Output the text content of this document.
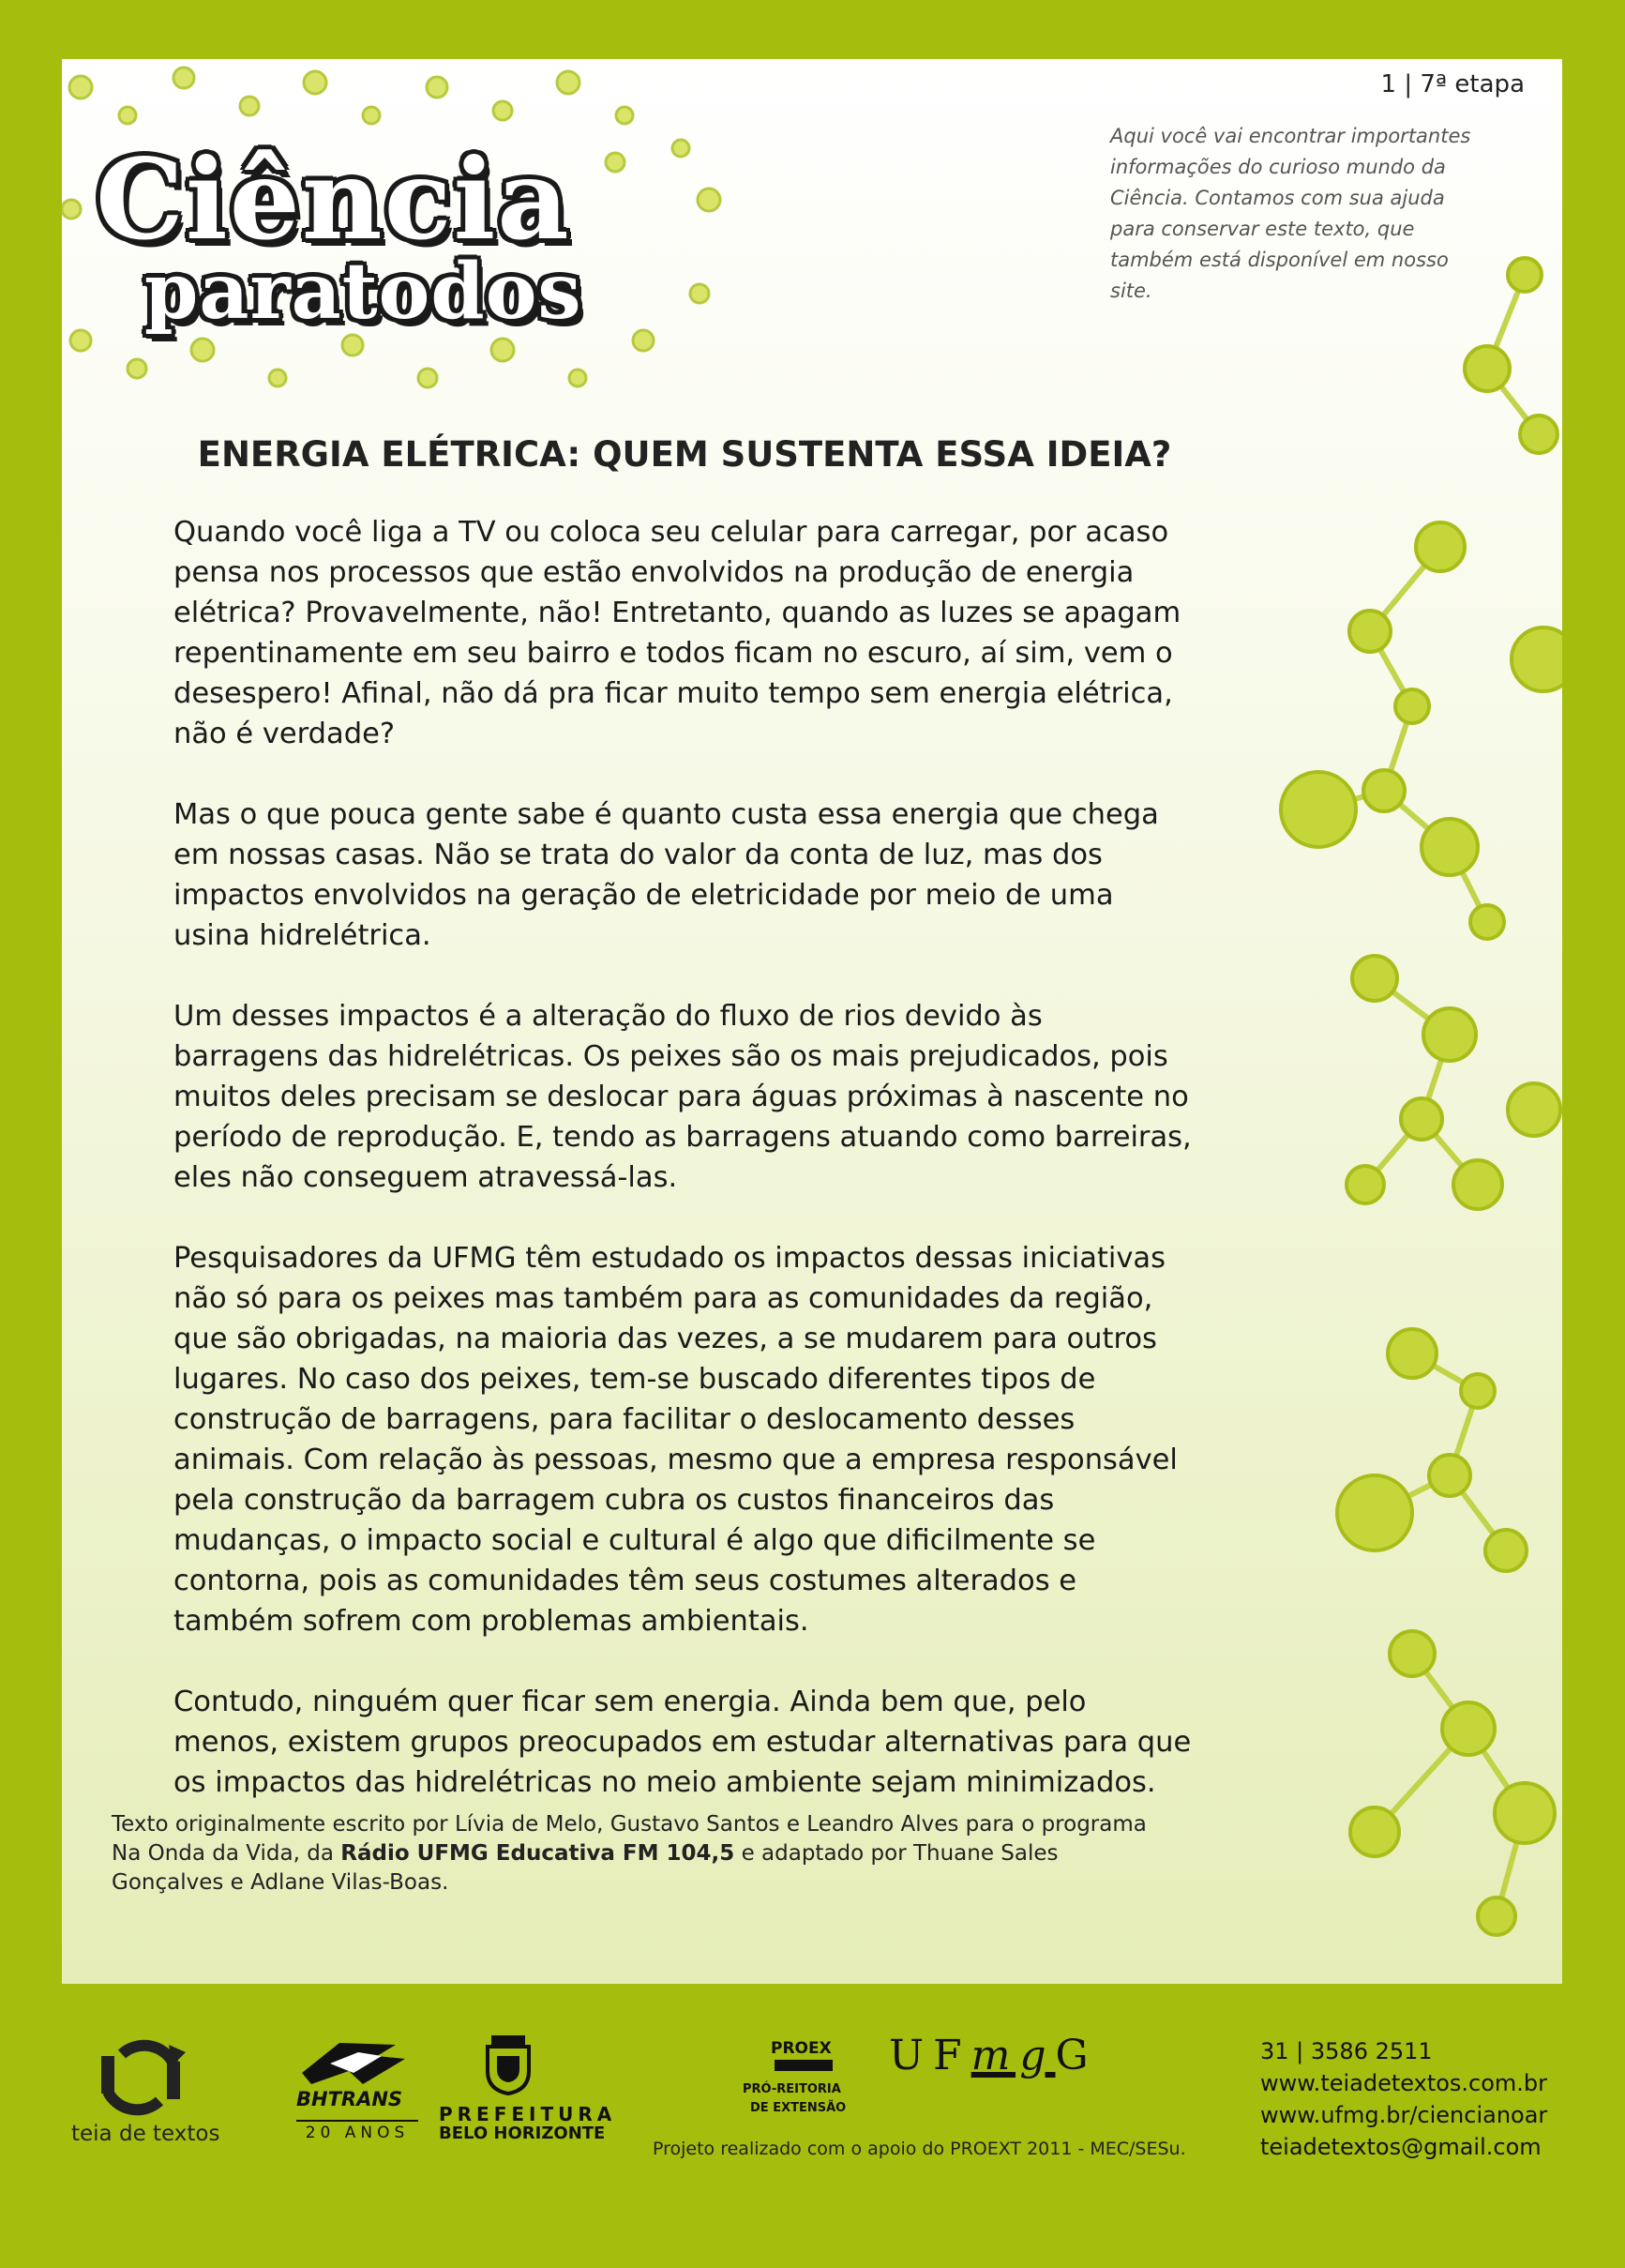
1 | 7ª etapa
Aqui você vai encontrar importantes informações do curioso mundo da Ciência. Contamos com sua ajuda para conservar este texto, que também está disponível em nosso site.
Ciência
paratodos
ENERGIA ELÉTRICA: QUEM SUSTENTA ESSA IDEIA?

Quando você liga a TV ou coloca seu celular para carregar, por acaso pensa nos processos que estão envolvidos na produção de energia elétrica? Provavelmente, não! Entretanto, quando as luzes se apagam repentinamente em seu bairro e todos ficam no escuro, aí sim, vem o desespero! Afinal, não dá pra ficar muito tempo sem energia elétrica, não é verdade?

Mas o que pouca gente sabe é quanto custa essa energia que chega em nossas casas. Não se trata do valor da conta de luz, mas dos impactos envolvidos na geração de eletricidade por meio de uma usina hidrelétrica.

Um desses impactos é a alteração do fluxo de rios devido às barragens das hidrelétricas. Os peixes são os mais prejudicados, pois muitos deles precisam se deslocar para águas próximas à nascente no período de reprodução. E, tendo as barragens atuando como barreiras, eles não conseguem atravessá-las.

Pesquisadores da UFMG têm estudado os impactos dessas iniciativas não só para os peixes mas também para as comunidades da região, que são obrigadas, na maioria das vezes, a se mudarem para outros lugares. No caso dos peixes, tem-se buscado diferentes tipos de construção de barragens, para facilitar o deslocamento desses animais. Com relação às pessoas, mesmo que a empresa responsável pela construção da barragem cubra os custos financeiros das mudanças, o impacto social e cultural é algo que dificilmente se contorna, pois as comunidades têm seus costumes alterados e também sofrem com problemas ambientais.

Contudo, ninguém quer ficar sem energia. Ainda bem que, pelo menos, existem grupos preocupados em estudar alternativas para que os impactos das hidrelétricas no meio ambiente sejam minimizados.

Texto originalmente escrito por Lívia de Melo, Gustavo Santos e Leandro Alves para o programa Na Onda da Vida, da Rádio UFMG Educativa FM 104,5 e adaptado por Thuane Sales Gonçalves e Adlane Vilas-Boas.
teia de textos
BHTRANS
20 ANOS
PREFEITURA
BELO HORIZONTE
PROEX
PRÓ-REITORIA
DE EXTENSÃO
UFmgG
Projeto realizado com o apoio do PROEXT 2011 - MEC/SESu.
31 | 3586 2511
www.teiadetextos.com.br
www.ufmg.br/ciencianoar
teiadetextos@gmail.com
